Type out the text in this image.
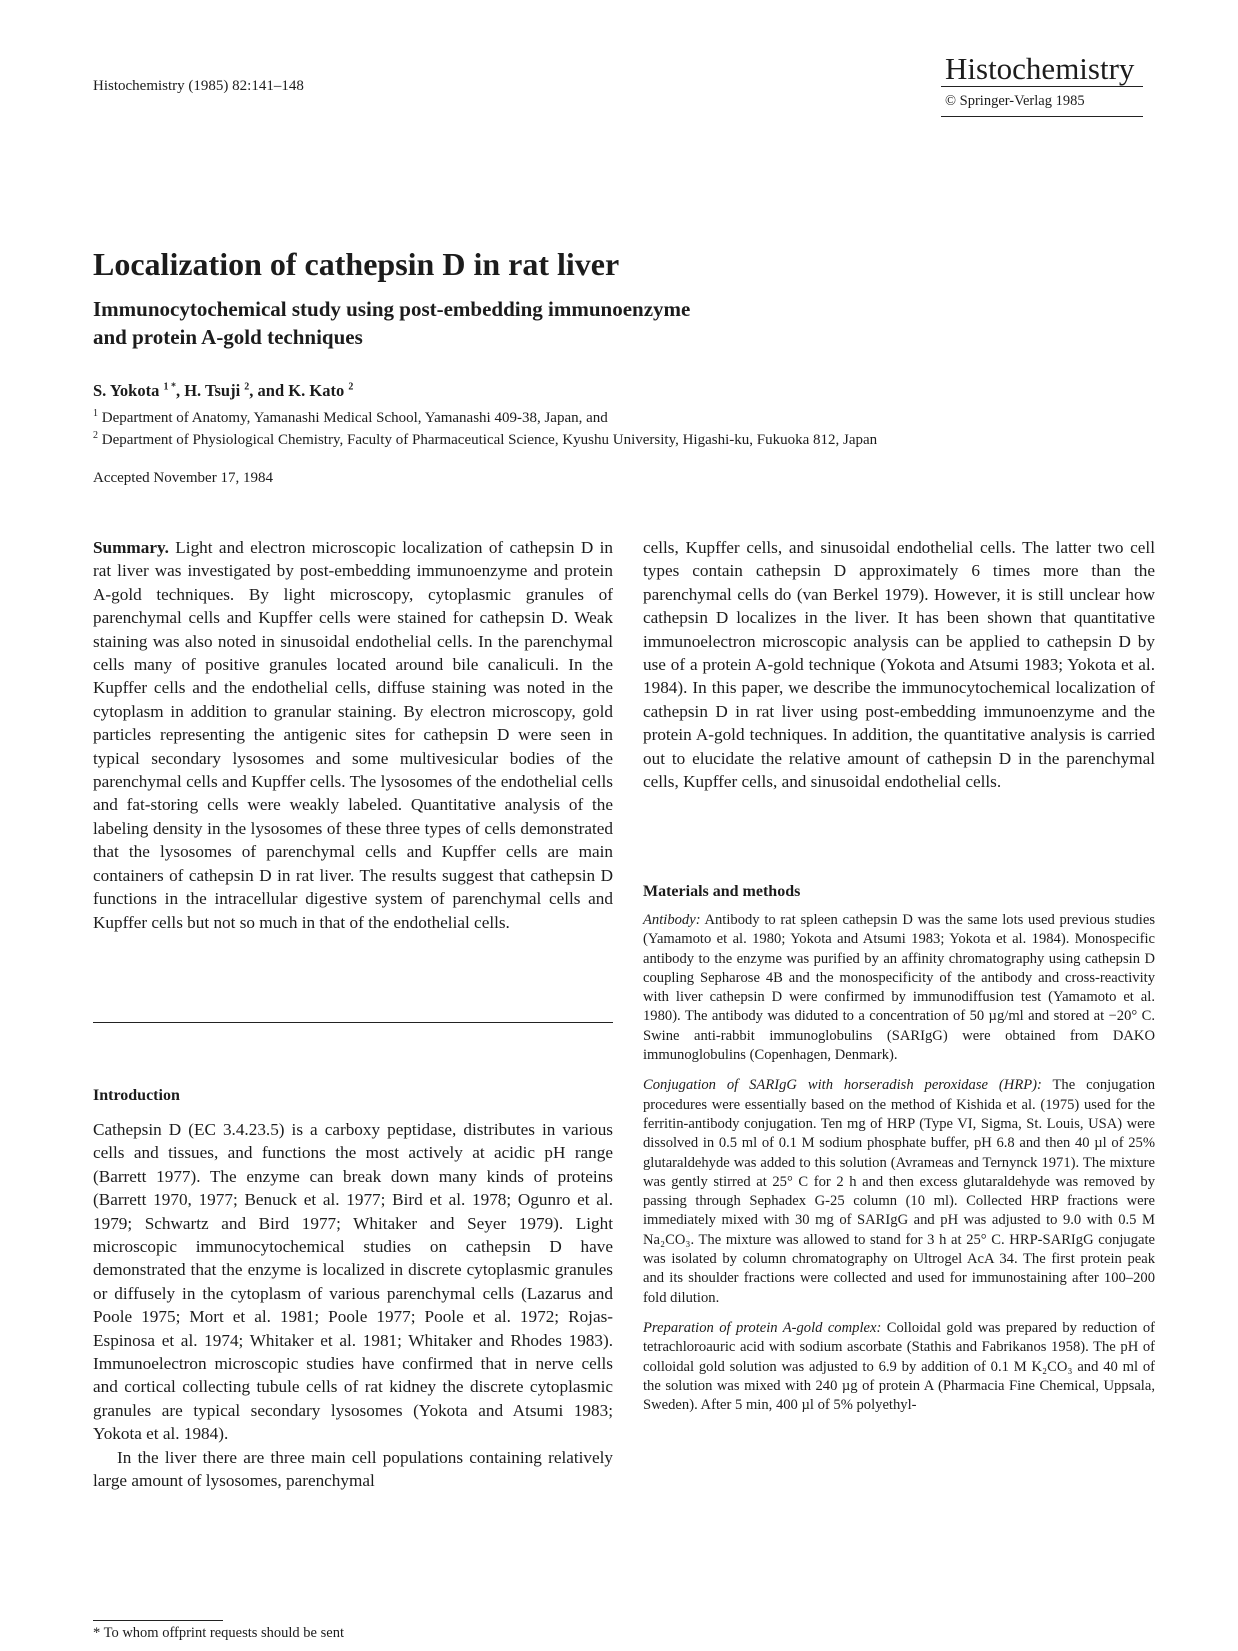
Histochemistry (1985) 82:141–148	Histochemistry
© Springer-Verlag 1985
Localization of cathepsin D in rat liver
Immunocytochemical study using post-embedding immunoenzyme
and protein A-gold techniques
S. Yokota $^{1 *}$, H. Tsuji $^2$, and K. Kato $^2$
$^1$ Department of Anatomy, Yamanashi Medical School, Yamanashi 409-38, Japan, and
$^2$ Department of Physiological Chemistry, Faculty of Pharmaceutical Science, Kyushu University, Higashi-ku, Fukuoka 812, Japan
Accepted November 17, 1984

Summary. Light and electron microscopic localization of cathepsin D in rat liver was investigated by post-embedding immunoenzyme and protein A-gold techniques. By light microscopy, cytoplasmic granules of parenchymal cells and Kupffer cells were stained for cathepsin D. Weak staining was also noted in sinusoidal endothelial cells. In the parenchymal cells many of positive granules located around bile canaliculi. In the Kupffer cells and the endothelial cells, diffuse staining was noted in the cytoplasm in addition to granular staining. By electron microscopy, gold particles representing the antigenic sites for cathepsin D were seen in typical secondary lysosomes and some multivesicular bodies of the parenchymal cells and Kupffer cells. The lysosomes of the endothelial cells and fat-storing cells were weakly labeled. Quantitative analysis of the labeling density in the lysosomes of these three types of cells demonstrated that the lysosomes of parenchymal cells and Kupffer cells are main containers of cathepsin D in rat liver. The results suggest that cathepsin D functions in the intracellular digestive system of parenchymal cells and Kupffer cells but not so much in that of the endothelial cells.

Introduction

Cathepsin D (EC 3.4.23.5) is a carboxy peptidase, distributes in various cells and tissues, and functions the most actively at acidic pH range (Barrett 1977). The enzyme can break down many kinds of proteins (Barrett 1970, 1977; Benuck et al. 1977; Bird et al. 1978; Ogunro et al. 1979; Schwartz and Bird 1977; Whitaker and Seyer 1979). Light microscopic immunocytochemical studies on cathepsin D have demonstrated that the enzyme is localized in discrete cytoplasmic granules or diffusely in the cytoplasm of various parenchymal cells (Lazarus and Poole 1975; Mort et al. 1981; Poole 1977; Poole et al. 1972; Rojas-Espinosa et al. 1974; Whitaker et al. 1981; Whitaker and Rhodes 1983). Immunoelectron microscopic studies have confirmed that in nerve cells and cortical collecting tubule cells of rat kidney the discrete cytoplasmic granules are typical secondary lysosomes (Yokota and Atsumi 1983; Yokota et al. 1984).

In the liver there are three main cell populations containing relatively large amount of lysosomes, parenchymal

* To whom offprint requests should be sent

cells, Kupffer cells, and sinusoidal endothelial cells. The latter two cell types contain cathepsin D approximately 6 times more than the parenchymal cells do (van Berkel 1979). However, it is still unclear how cathepsin D localizes in the liver. It has been shown that quantitative immunoelectron microscopic analysis can be applied to cathepsin D by use of a protein A-gold technique (Yokota and Atsumi 1983; Yokota et al. 1984). In this paper, we describe the immunocytochemical localization of cathepsin D in rat liver using post-embedding immunoenzyme and the protein A-gold techniques. In addition, the quantitative analysis is carried out to elucidate the relative amount of cathepsin D in the parenchymal cells, Kupffer cells, and sinusoidal endothelial cells.

Materials and methods

Antibody: Antibody to rat spleen cathepsin D was the same lots used previous studies (Yamamoto et al. 1980; Yokota and Atsumi 1983; Yokota et al. 1984). Monospecific antibody to the enzyme was purified by an affinity chromatography using cathepsin D coupling Sepharose 4B and the monospecificity of the antibody and cross-reactivity with liver cathepsin D were confirmed by immunodiffusion test (Yamamoto et al. 1980). The antibody was diduted to a concentration of 50 µg/ml and stored at −20° C. Swine anti-rabbit immunoglobulins (SARIgG) were obtained from DAKO immunoglobulins (Copenhagen, Denmark).

Conjugation of SARIgG with horseradish peroxidase (HRP): The conjugation procedures were essentially based on the method of Kishida et al. (1975) used for the ferritin-antibody conjugation. Ten mg of HRP (Type VI, Sigma, St. Louis, USA) were dissolved in 0.5 ml of 0.1 M sodium phosphate buffer, pH 6.8 and then 40 µl of 25% glutaraldehyde was added to this solution (Avrameas and Ternynck 1971). The mixture was gently stirred at 25° C for 2 h and then excess glutaraldehyde was removed by passing through Sephadex G-25 column (10 ml). Collected HRP fractions were immediately mixed with 30 mg of SARIgG and pH was adjusted to 9.0 with 0.5 M Na₂CO₃. The mixture was allowed to stand for 3 h at 25° C. HRP-SARIgG conjugate was isolated by column chromatography on Ultrogel AcA 34. The first protein peak and its shoulder fractions were collected and used for immunostaining after 100–200 fold dilution.

Preparation of protein A-gold complex: Colloidal gold was prepared by reduction of tetrachloroauric acid with sodium ascorbate (Stathis and Fabrikanos 1958). The pH of colloidal gold solution was adjusted to 6.9 by addition of 0.1 M K₂CO₃ and 40 ml of the solution was mixed with 240 µg of protein A (Pharmacia Fine Chemical, Uppsala, Sweden). After 5 min, 400 µl of 5% polyethyl-
